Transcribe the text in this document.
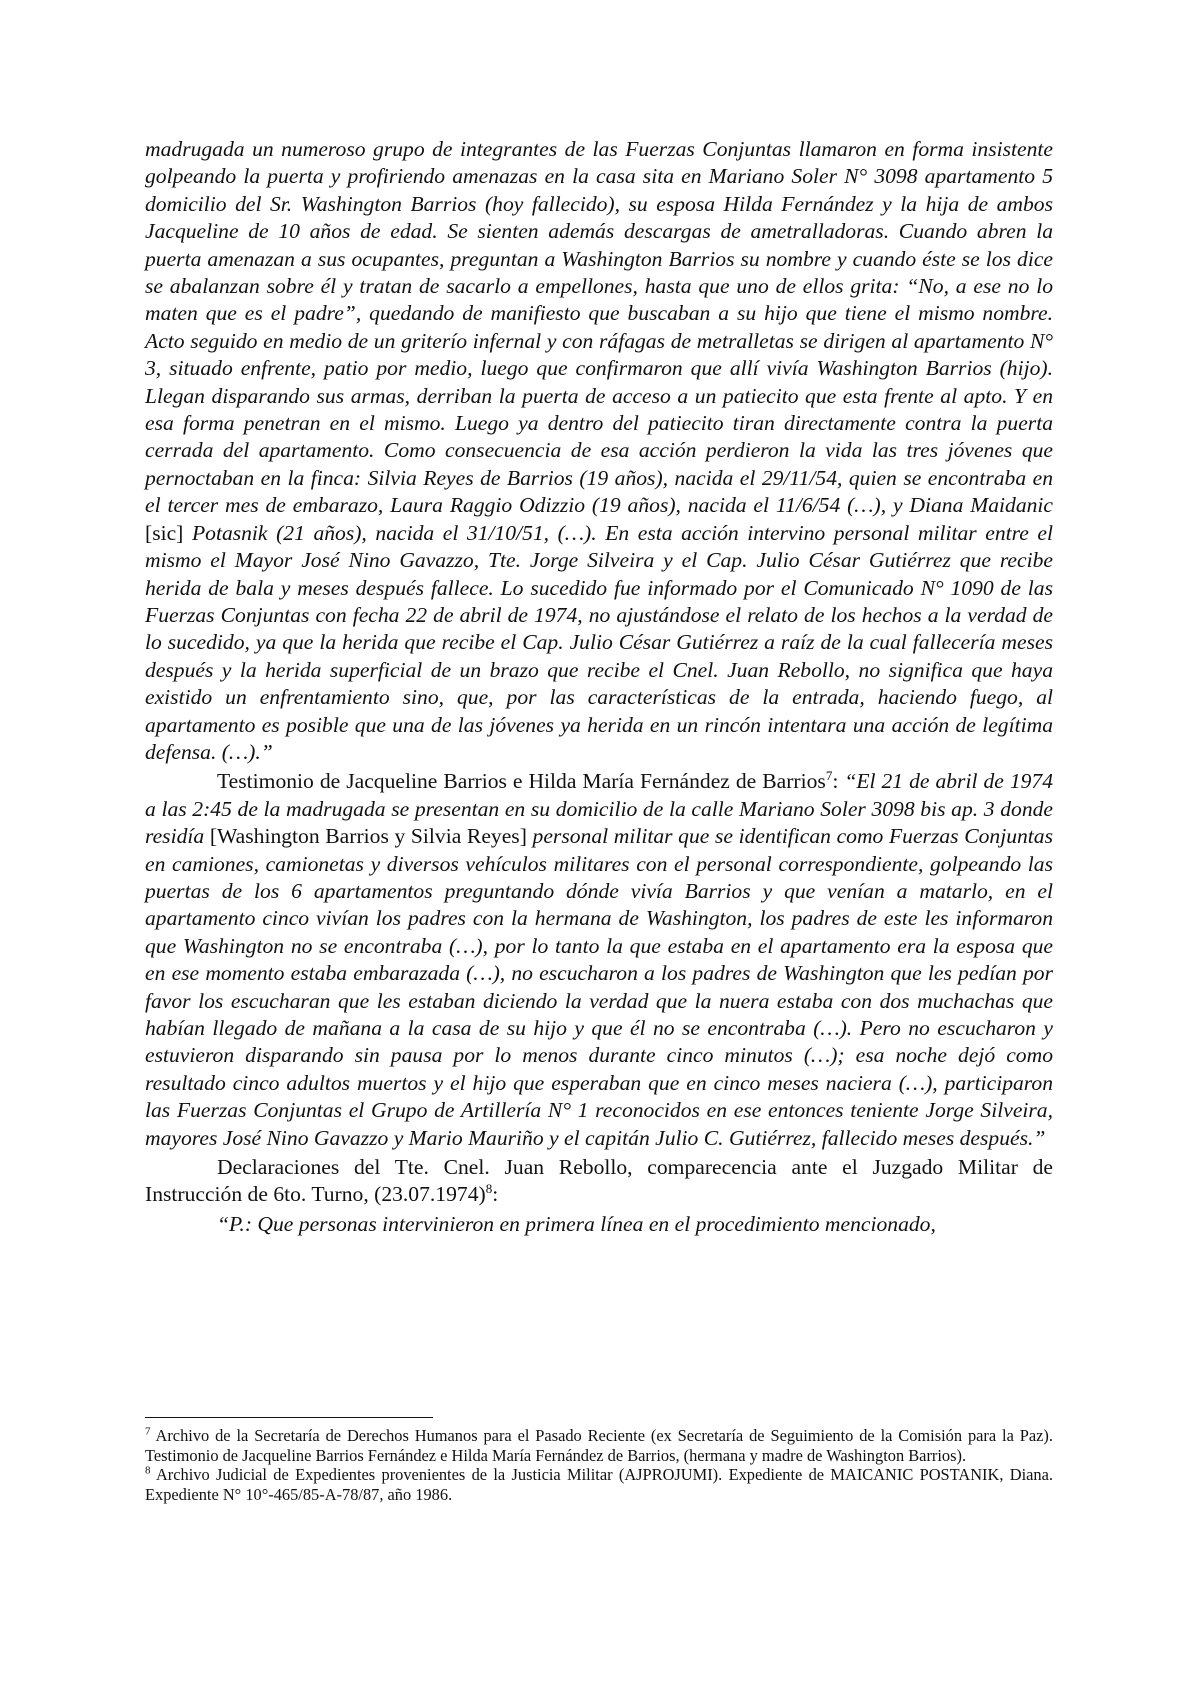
madrugada un numeroso grupo de integrantes de las Fuerzas Conjuntas llamaron en forma insistente golpeando la puerta y profiriendo amenazas en la casa sita en Mariano Soler N° 3098 apartamento 5 domicilio del Sr. Washington Barrios (hoy fallecido), su esposa Hilda Fernández y la hija de ambos Jacqueline de 10 años de edad. Se sienten además descargas de ametralladoras. Cuando abren la puerta amenazan a sus ocupantes, preguntan a Washington Barrios su nombre y cuando éste se los dice se abalanzan sobre él y tratan de sacarlo a empellones, hasta que uno de ellos grita: “No, a ese no lo maten que es el padre”, quedando de manifiesto que buscaban a su hijo que tiene el mismo nombre. Acto seguido en medio de un griterío infernal y con ráfagas de metralletas se dirigen al apartamento N° 3, situado enfrente, patio por medio, luego que confirmaron que allí vivía Washington Barrios (hijo). Llegan disparando sus armas, derriban la puerta de acceso a un patiecito que esta frente al apto. Y en esa forma penetran en el mismo. Luego ya dentro del patiecito tiran directamente contra la puerta cerrada del apartamento. Como consecuencia de esa acción perdieron la vida las tres jóvenes que pernoctaban en la finca: Silvia Reyes de Barrios (19 años), nacida el 29/11/54, quien se encontraba en el tercer mes de embarazo, Laura Raggio Odizzio (19 años), nacida el 11/6/54 (…), y Diana Maidanic [sic] Potasnik (21 años), nacida el 31/10/51, (…). En esta acción intervino personal militar entre el mismo el Mayor José Nino Gavazzo, Tte. Jorge Silveira y el Cap. Julio César Gutiérrez que recibe herida de bala y meses después fallece. Lo sucedido fue informado por el Comunicado N° 1090 de las Fuerzas Conjuntas con fecha 22 de abril de 1974, no ajustándose el relato de los hechos a la verdad de lo sucedido, ya que la herida que recibe el Cap. Julio César Gutiérrez a raíz de la cual fallecería meses después y la herida superficial de un brazo que recibe el Cnel. Juan Rebollo, no significa que haya existido un enfrentamiento sino, que, por las características de la entrada, haciendo fuego, al apartamento es posible que una de las jóvenes ya herida en un rincón intentara una acción de legítima defensa. (…).”

Testimonio de Jacqueline Barrios e Hilda María Fernández de Barrios$^7$: “El 21 de abril de 1974 a las 2:45 de la madrugada se presentan en su domicilio de la calle Mariano Soler 3098 bis ap. 3 donde residía [Washington Barrios y Silvia Reyes] personal militar que se identifican como Fuerzas Conjuntas en camiones, camionetas y diversos vehículos militares con el personal correspondiente, golpeando las puertas de los 6 apartamentos preguntando dónde vivía Barrios y que venían a matarlo, en el apartamento cinco vivían los padres con la hermana de Washington, los padres de este les informaron que Washington no se encontraba (…), por lo tanto la que estaba en el apartamento era la esposa que en ese momento estaba embarazada (…), no escucharon a los padres de Washington que les pedían por favor los escucharan que les estaban diciendo la verdad que la nuera estaba con dos muchachas que habían llegado de mañana a la casa de su hijo y que él no se encontraba (…). Pero no escucharon y estuvieron disparando sin pausa por lo menos durante cinco minutos (…); esa noche dejó como resultado cinco adultos muertos y el hijo que esperaban que en cinco meses naciera (…), participaron las Fuerzas Conjuntas el Grupo de Artillería N° 1 reconocidos en ese entonces teniente Jorge Silveira, mayores José Nino Gavazzo y Mario Mauriño y el capitán Julio C. Gutiérrez, fallecido meses después.”

Declaraciones del Tte. Cnel. Juan Rebollo, comparecencia ante el Juzgado Militar de Instrucción de 6to. Turno, $(23.07.1974)^8$:

“P.: Que personas intervinieron en primera línea en el procedimiento mencionado,

$^7$ Archivo de la Secretaría de Derechos Humanos para el Pasado Reciente (ex Secretaría de Seguimiento de la Comisión para la Paz). Testimonio de Jacqueline Barrios Fernández e Hilda María Fernández de Barrios, (hermana y madre de Washington Barrios).

$^8$ Archivo Judicial de Expedientes provenientes de la Justicia Militar (AJPROJUMI). Expediente de MAICANIC POSTANIK, Diana. Expediente N° 10°-465/85-A-78/87, año 1986.
